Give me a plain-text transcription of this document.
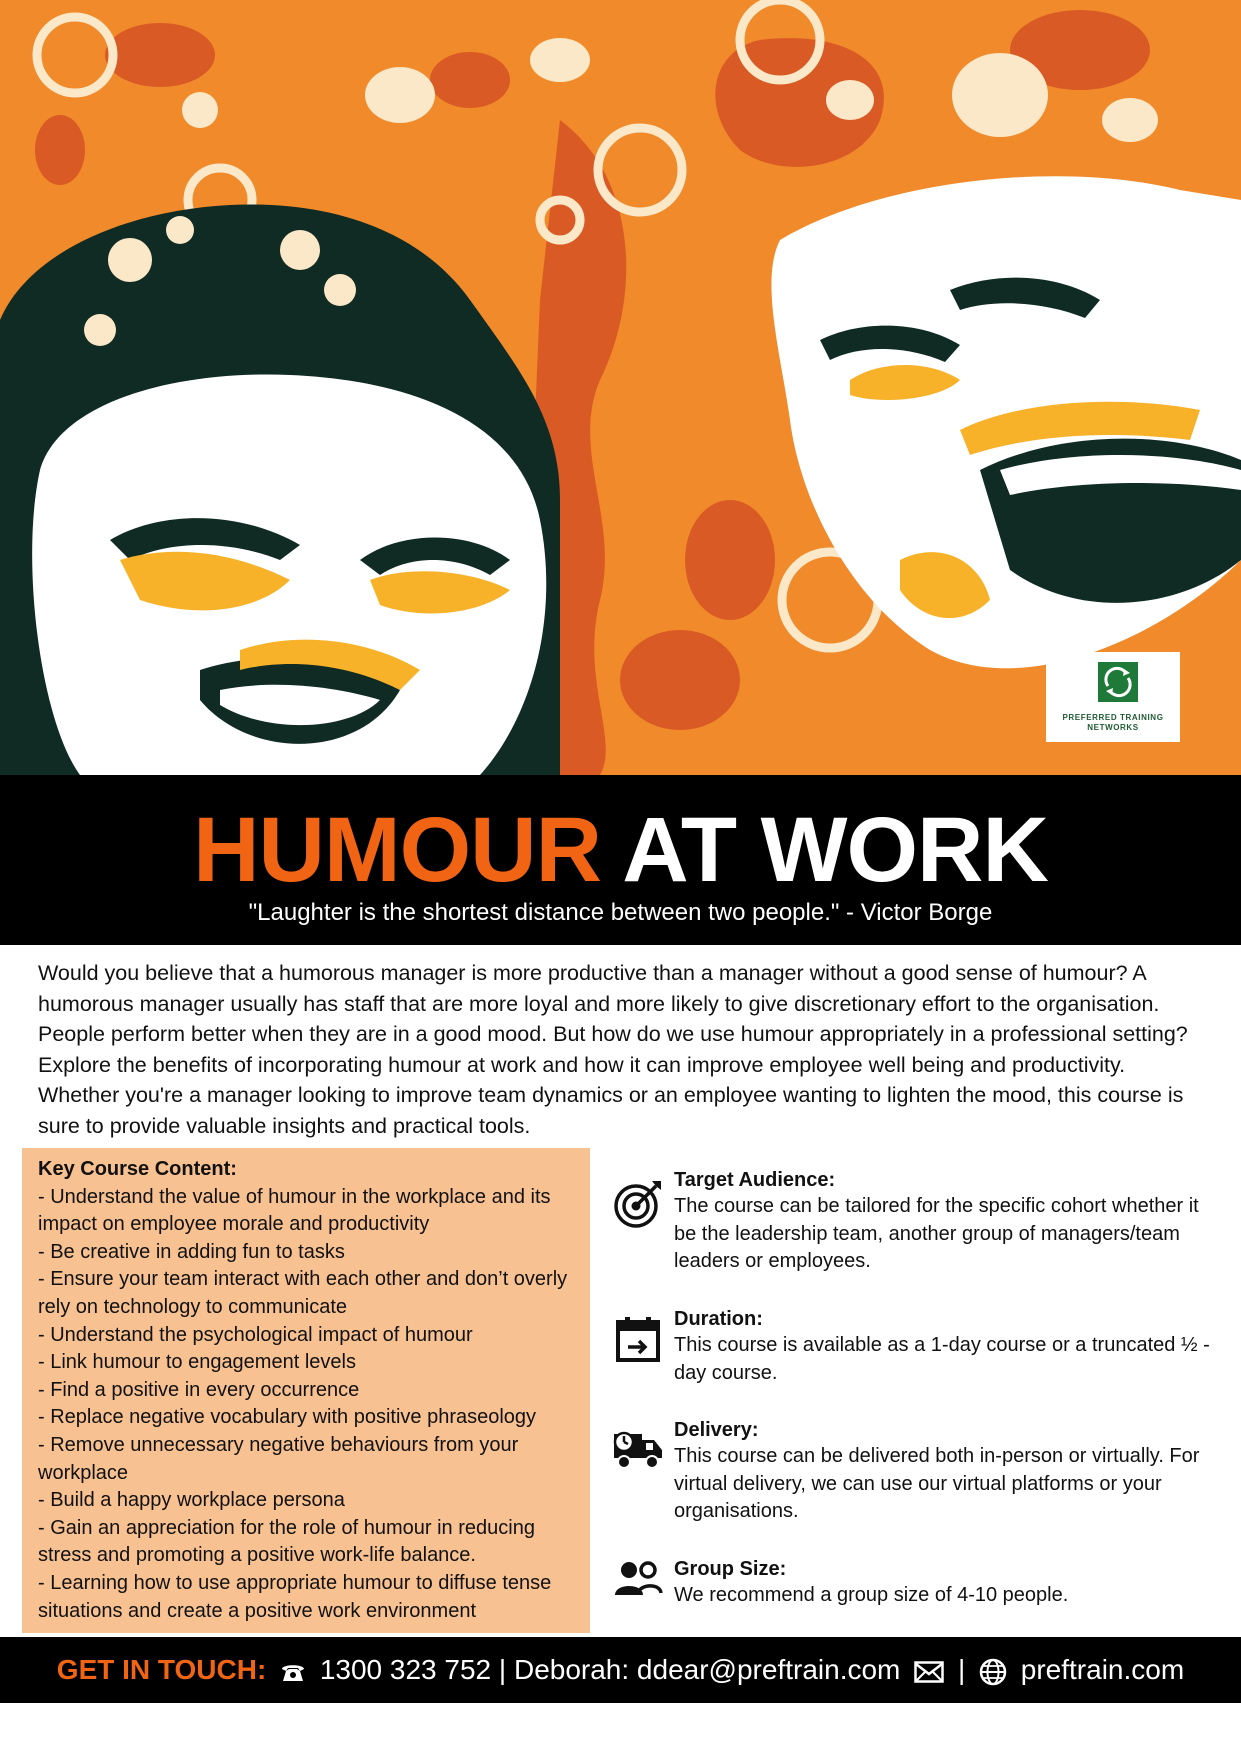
PREFERRED TRAINING
NETWORKS
HUMOUR AT WORK
"Laughter is the shortest distance between two people." - Victor Borge
Would you believe that a humorous manager is more productive than a manager without a good sense of humour? A humorous manager usually has staff that are more loyal and more likely to give discretionary effort to the organisation. People perform better when they are in a good mood. But how do we use humour appropriately in a professional setting? Explore the benefits of incorporating humour at work and how it can improve employee well being and productivity. Whether you're a manager looking to improve team dynamics or an employee wanting to lighten the mood, this course is sure to provide valuable insights and practical tools.
Key Course Content:
- Understand the value of humour in the workplace and its impact on employee morale and productivity
- Be creative in adding fun to tasks
- Ensure your team interact with each other and don’t overly rely on technology to communicate
- Understand the psychological impact of humour
- Link humour to engagement levels
- Find a positive in every occurrence
- Replace negative vocabulary with positive phraseology
- Remove unnecessary negative behaviours from your workplace
- Build a happy workplace persona
- Gain an appreciation for the role of humour in reducing stress and promoting a positive work-life balance.
- Learning how to use appropriate humour to diffuse tense situations and create a positive work environment
Target Audience:
The course can be tailored for the specific cohort whether it be the leadership team, another group of managers/team leaders or employees.
Duration:
This course is available as a 1-day course or a truncated ½ -day course.
Delivery:
This course can be delivered both in-person or virtually. For virtual delivery, we can use our virtual platforms or your organisations.
Group Size:
We recommend a group size of 4-10 people.
GET IN TOUCH: 1300 323 752 | Deborah: ddear@preftrain.com | preftrain.com
